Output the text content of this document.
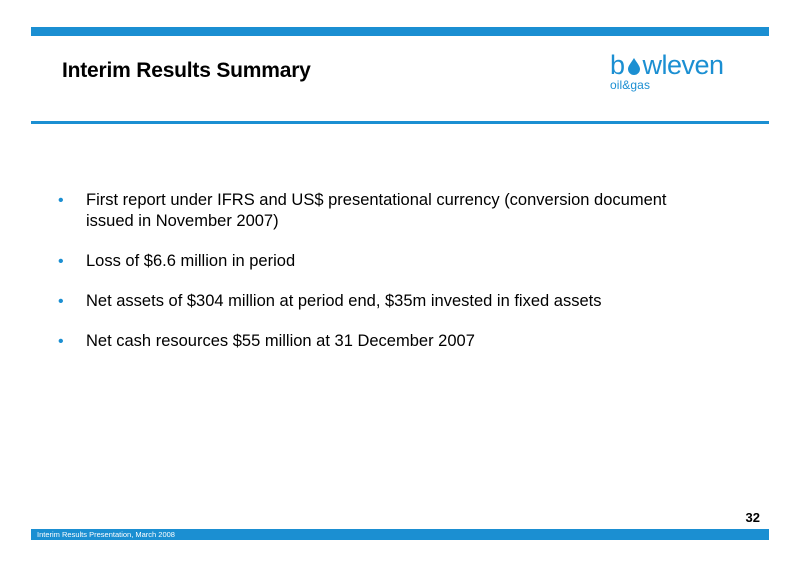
Interim Results Summary	b wleven
oil&gas
• First report under IFRS and US$ presentational currency (conversion document issued in November 2007)
• Loss of $6.6 million in period
• Net assets of $304 million at period end, $35m invested in fixed assets
• Net cash resources $55 million at 31 December 2007
32
Interim Results Presentation, March 2008
